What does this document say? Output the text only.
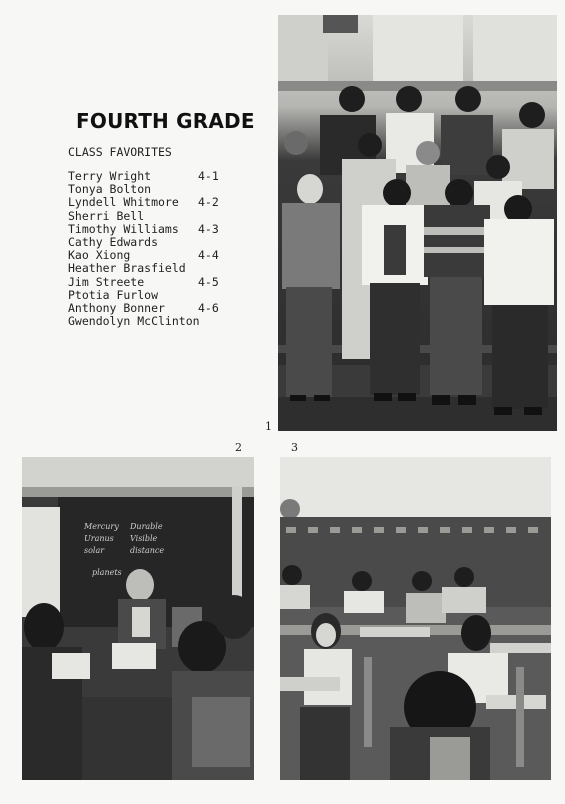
FOURTH GRADE
CLASS FAVORITES
Terry Wright	4-1
Tonya Bolton
Lyndell Whitmore 4-2
Sherri Bell
Timothy Williams 4-3
Cathy Edwards
Kao Xiong	4-4
Heather Brasfield
Jim Streete	4-5
Ptotia Furlow
Anthony Bonner	4-6
Gwendolyn McClinton
1
2	3
Mercury Durable
Uranus Visible
solar	distance
planets
